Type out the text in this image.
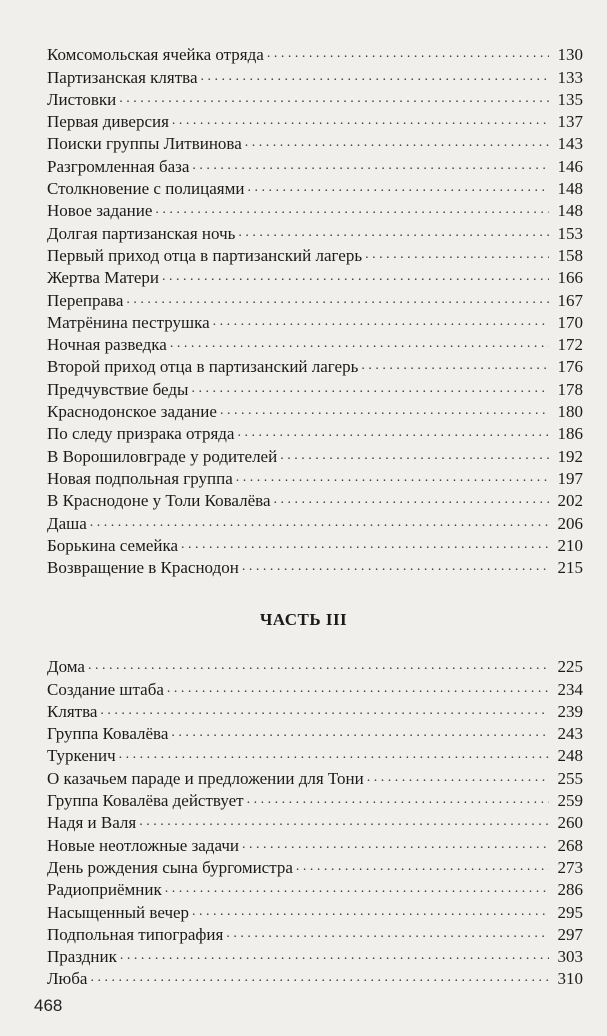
Комсомольская ячейка отряда . . .	130
Партизанская клятва . . .	133
Листовки . . .	135
Первая диверсия . . .	137
Поиски группы Литвинова . . .	143
Разгромленная база . . .	146
Столкновение с полицаями . . .	148
Новое задание . . .	148
Долгая партизанская ночь . . .	153
Первый приход отца в партизанский лагерь . . .	158
Жертва Матери . . .	166
Переправа . . .	167
Матрёнина пеструшка . . .	170
Ночная разведка . . .	172
Второй приход отца в партизанский лагерь . . .	176
Предчувствие беды . . .	178
Краснодонское задание . . .	180
По следу призрака отряда . . .	186
В Ворошиловграде у родителей . . .	192
Новая подпольная группа . . .	197
В Краснодоне у Толи Ковалёва . . .	202
Даша . . .	206
Борькина семейка . . .	210
Возвращение в Краснодон . . .	215
ЧАСТЬ III
Дома . . .	225
Создание штаба . . .	234
Клятва . . .	239
Группа Ковалёва . . .	243
Туркенич . . .	248
О казачьем параде и предложении для Тони . . .	255
Группа Ковалёва действует . . .	259
Надя и Валя . . .	260
Новые неотложные задачи . . .	268
День рождения сына бургомистра . . .	273
Радиоприёмник . . .	286
Насыщенный вечер . . .	295
Подпольная типография . . .	297
Праздник . . .	303
Люба . . .	310
468
